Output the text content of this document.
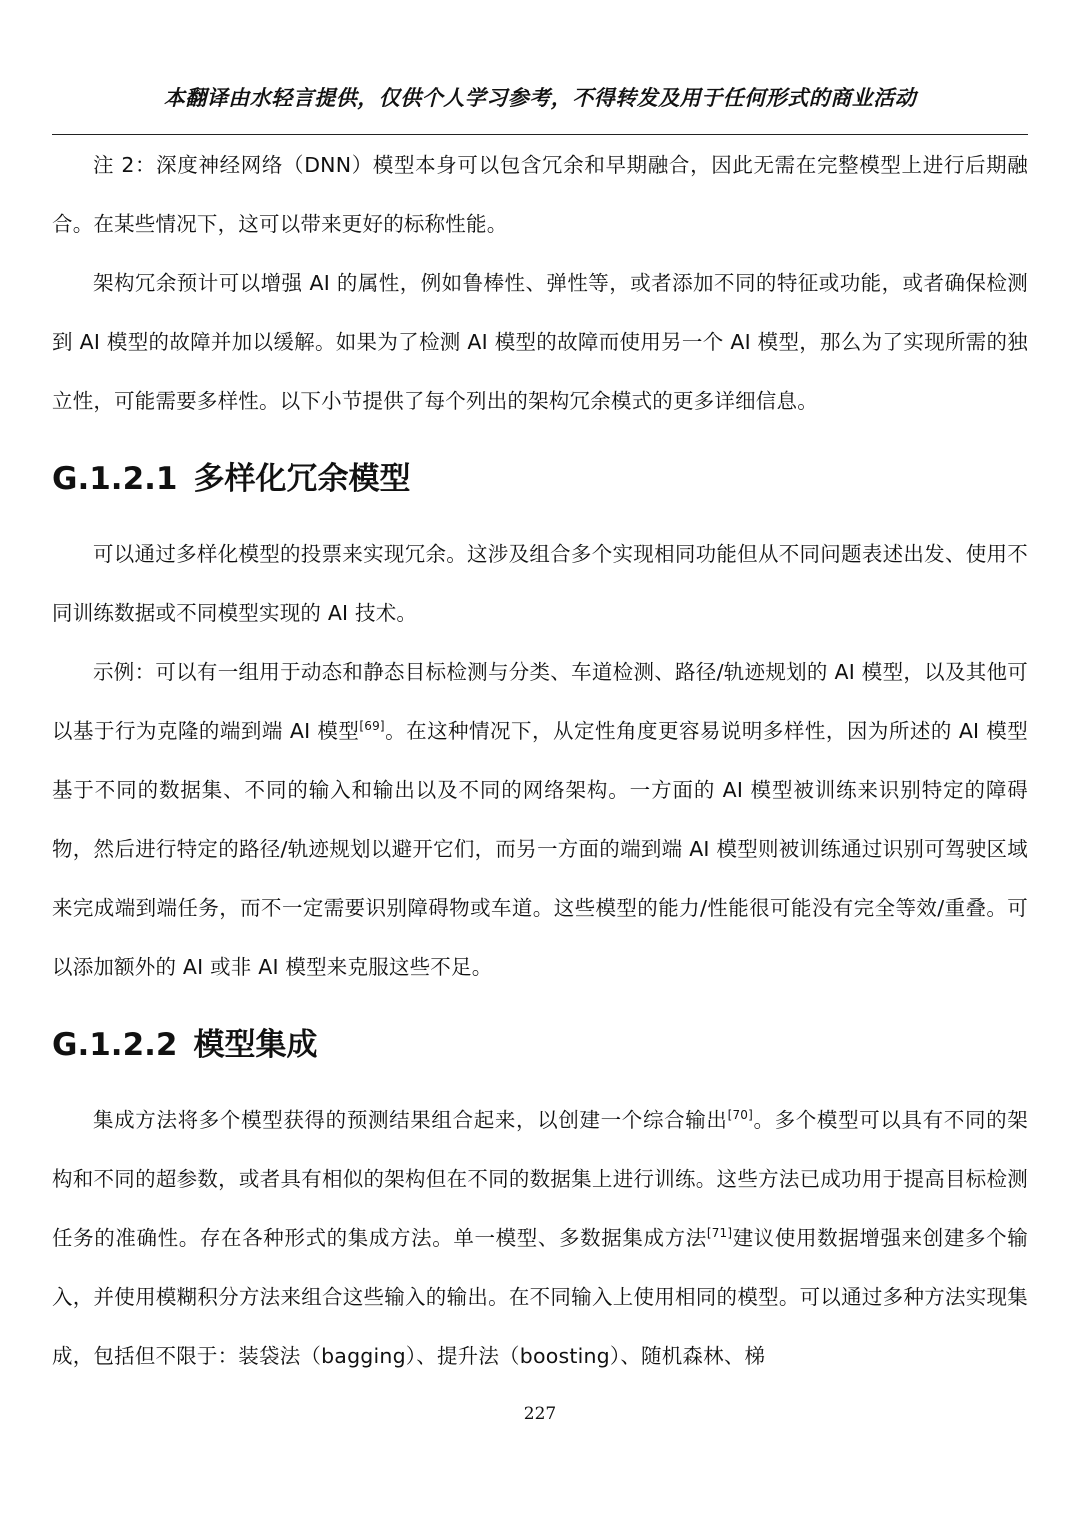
本翻译由水轻言提供，仅供个人学习参考，不得转发及用于任何形式的商业活动

注 2：深度神经网络（DNN）模型本身可以包含冗余和早期融合，因此无需在完整模型上进行后期融合。在某些情况下，这可以带来更好的标称性能。

架构冗余预计可以增强 AI 的属性，例如鲁棒性、弹性等，或者添加不同的特征或功能，或者确保检测到 AI 模型的故障并加以缓解。如果为了检测 AI 模型的故障而使用另一个 AI 模型，那么为了实现所需的独立性，可能需要多样性。以下小节提供了每个列出的架构冗余模式的更多详细信息。

G.1.2.1 多样化冗余模型

可以通过多样化模型的投票来实现冗余。这涉及组合多个实现相同功能但从不同问题表述出发、使用不同训练数据或不同模型实现的 AI 技术。

示例：可以有一组用于动态和静态目标检测与分类、车道检测、路径/轨迹规划的 AI 模型，以及其他可以基于行为克隆的端到端 AI 模型[69]。在这种情况下，从定性角度更容易说明多样性，因为所述的 AI 模型基于不同的数据集、不同的输入和输出以及不同的网络架构。一方面的 AI 模型被训练来识别特定的障碍物，然后进行特定的路径/轨迹规划以避开它们，而另一方面的端到端 AI 模型则被训练通过识别可驾驶区域来完成端到端任务，而不一定需要识别障碍物或车道。这些模型的能力/性能很可能没有完全等效/重叠。可以添加额外的 AI 或非 AI 模型来克服这些不足。

G.1.2.2 模型集成

集成方法将多个模型获得的预测结果组合起来，以创建一个综合输出[70]。多个模型可以具有不同的架构和不同的超参数，或者具有相似的架构但在不同的数据集上进行训练。这些方法已成功用于提高目标检测任务的准确性。存在各种形式的集成方法。单一模型、多数据集成方法[71]建议使用数据增强来创建多个输入，并使用模糊积分方法来组合这些输入的输出。在不同输入上使用相同的模型。可以通过多种方法实现集成，包括但不限于：装袋法（bagging）、提升法（boosting）、随机森林、梯

227
